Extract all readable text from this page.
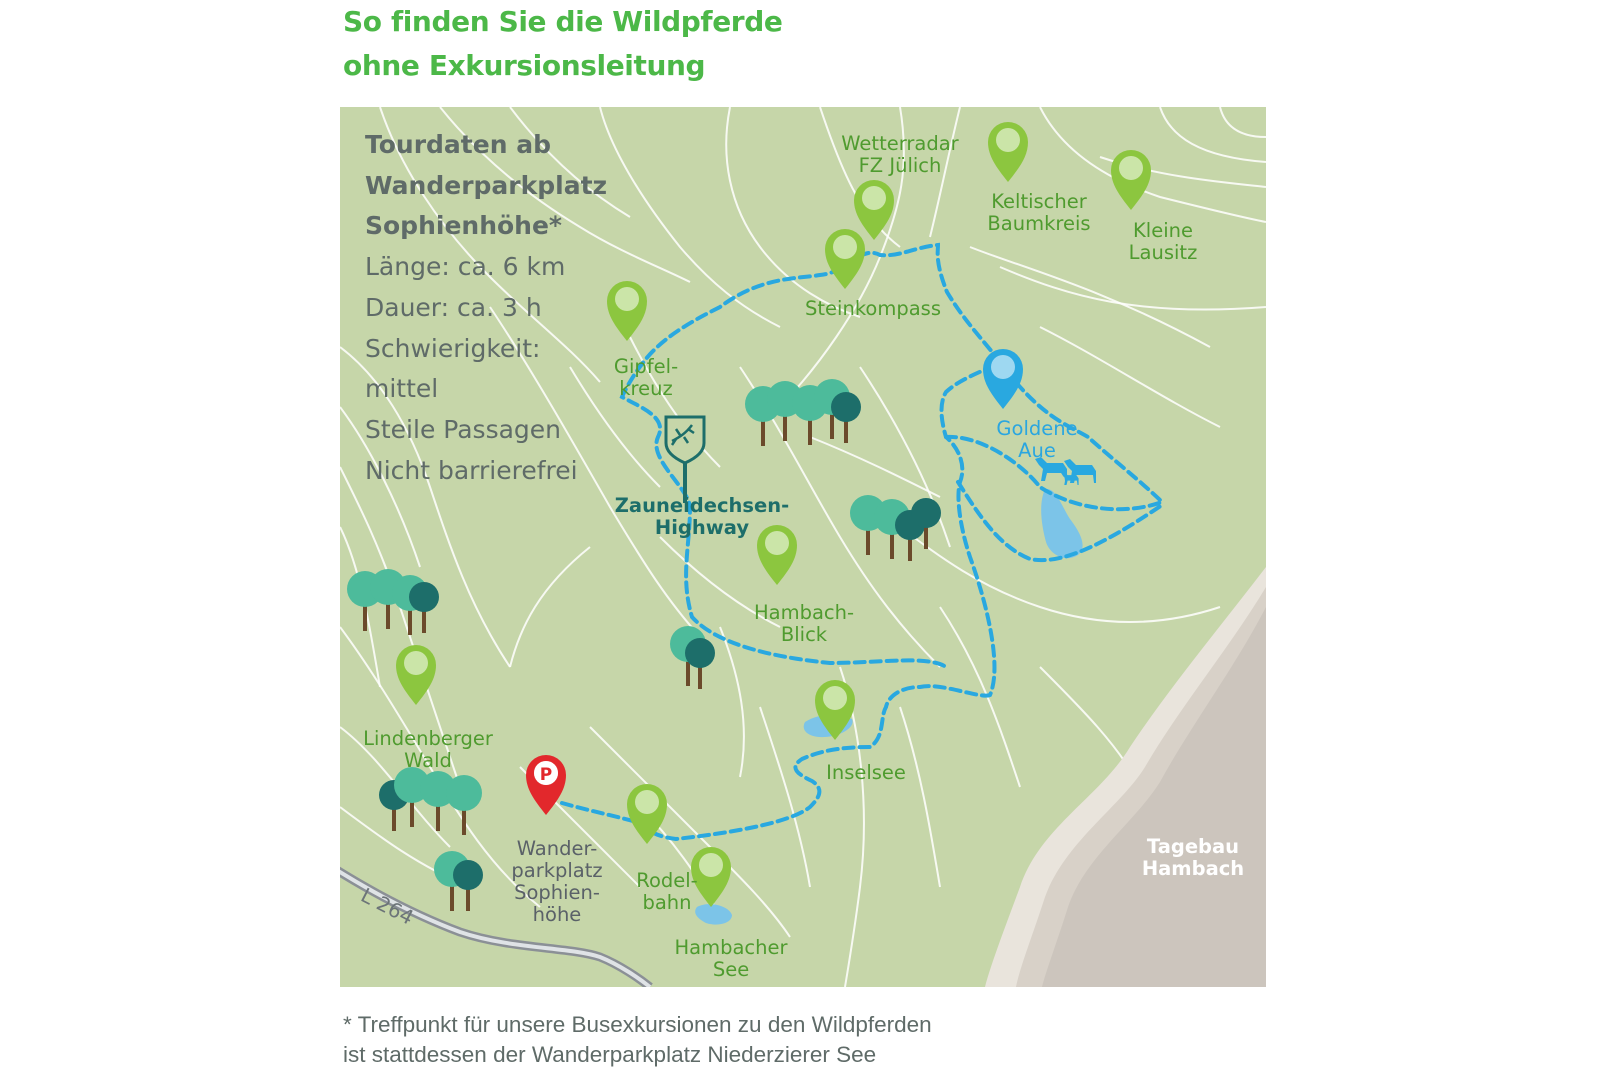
So finden Sie die Wildpferde
ohne Exkursionsleitung
P
Tourdaten ab
Wanderparkplatz
Sophienhöhe*
Länge: ca. 6 km
Dauer: ca. 3 h
Schwierigkeit:
mittel
Steile Passagen
Nicht barrierefrei
Wetterradar
FZ Jülich
Keltischer
Baumkreis Kleine
Lausitz
Steinkompass
Gipfel-
kreuz
Goldene
Aue
Zauneidechsen-
Highway
Hambach-
Blick
Lindenberger
Wald
Inselsee
Wander-
parkplatz
Sophien-
höhe
Rodel-
bahn
Hambacher
See
Tagebau
Hambach
L 264
* Treffpunkt für unsere Busexkursionen zu den Wildpferden
ist stattdessen der Wanderparkplatz Niederzierer See
